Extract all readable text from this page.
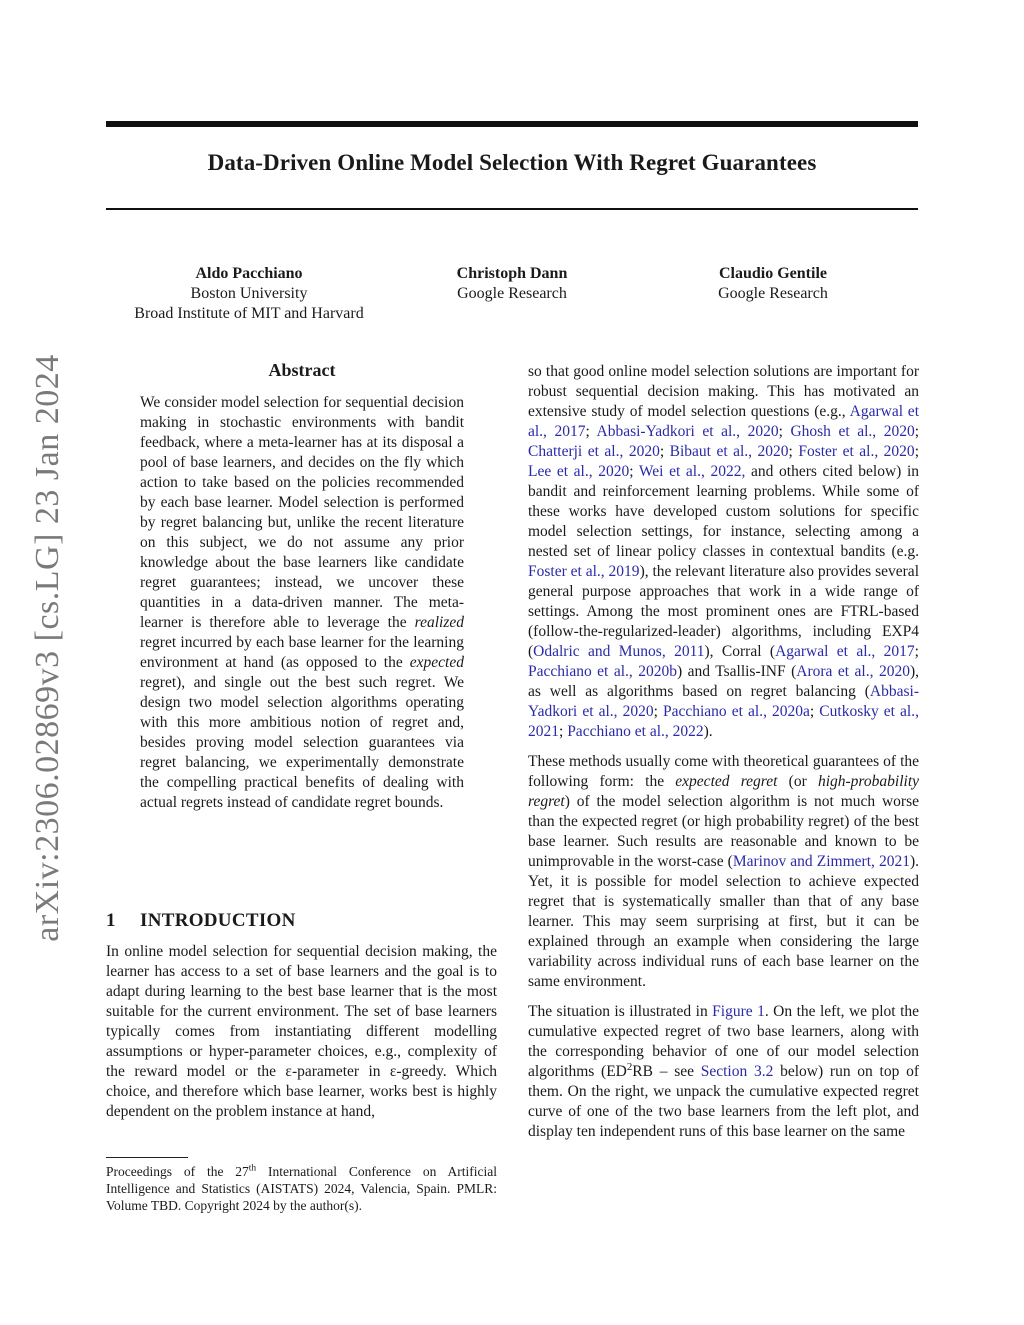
Data-Driven Online Model Selection With Regret Guarantees
Aldo Pacchiano
Boston University
Broad Institute of MIT and Harvard
Christoph Dann
Google Research
Claudio Gentile
Google Research
arXiv:2306.02869v3 [cs.LG] 23 Jan 2024	Abstract

We consider model selection for sequential decision making in stochastic environments with bandit feedback, where a meta-learner has at its disposal a pool of base learners, and decides on the fly which action to take based on the policies recommended by each base learner. Model selection is performed by regret balancing but, unlike the recent literature on this subject, we do not assume any prior knowledge about the base learners like candidate regret guarantees; instead, we uncover these quantities in a data-driven manner. The meta-learner is therefore able to leverage the realized regret incurred by each base learner for the learning environment at hand (as opposed to the expected regret), and single out the best such regret. We design two model selection algorithms operating with this more ambitious notion of regret and, besides proving model selection guarantees via regret balancing, we experimentally demonstrate the compelling practical benefits of dealing with actual regrets instead of candidate regret bounds.

1 INTRODUCTION

In online model selection for sequential decision making, the learner has access to a set of base learners and the goal is to adapt during learning to the best base learner that is the most suitable for the current environment. The set of base learners typically comes from instantiating different modelling assumptions or hyper-parameter choices, e.g., complexity of the reward model or the ε-parameter in ε-greedy. Which choice, and therefore which base learner, works best is highly dependent on the problem instance at hand,

Proceedings of the 27th International Conference on Artificial Intelligence and Statistics (AISTATS) 2024, Valencia, Spain. PMLR: Volume TBD. Copyright 2024 by the author(s).

so that good online model selection solutions are important for robust sequential decision making. This has motivated an extensive study of model selection questions (e.g., Agarwal et al., 2017; Abbasi-Yadkori et al., 2020; Ghosh et al., 2020; Chatterji et al., 2020; Bibaut et al., 2020; Foster et al., 2020; Lee et al., 2020; Wei et al., 2022, and others cited below) in bandit and reinforcement learning problems. While some of these works have developed custom solutions for specific model selection settings, for instance, selecting among a nested set of linear policy classes in contextual bandits (e.g. Foster et al., 2019), the relevant literature also provides several general purpose approaches that work in a wide range of settings. Among the most prominent ones are FTRL-based (follow-the-regularized-leader) algorithms, including EXP4 (Odalric and Munos, 2011), Corral (Agarwal et al., 2017; Pacchiano et al., 2020b) and Tsallis-INF (Arora et al., 2020), as well as algorithms based on regret balancing (Abbasi-Yadkori et al., 2020; Pacchiano et al., 2020a; Cutkosky et al., 2021; Pacchiano et al., 2022).

These methods usually come with theoretical guarantees of the following form: the expected regret (or high-probability regret) of the model selection algorithm is not much worse than the expected regret (or high probability regret) of the best base learner. Such results are reasonable and known to be unimprovable in the worst-case (Marinov and Zimmert, 2021). Yet, it is possible for model selection to achieve expected regret that is systematically smaller than that of any base learner. This may seem surprising at first, but it can be explained through an example when considering the large variability across individual runs of each base learner on the same environment.

The situation is illustrated in Figure 1. On the left, we plot the cumulative expected regret of two base learners, along with the corresponding behavior of one of our model selection algorithms ($ED^2RB$ – see Section 3.2 below) run on top of them. On the right, we unpack the cumulative expected regret curve of one of the two base learners from the left plot, and display ten independent runs of this base learner on the same
